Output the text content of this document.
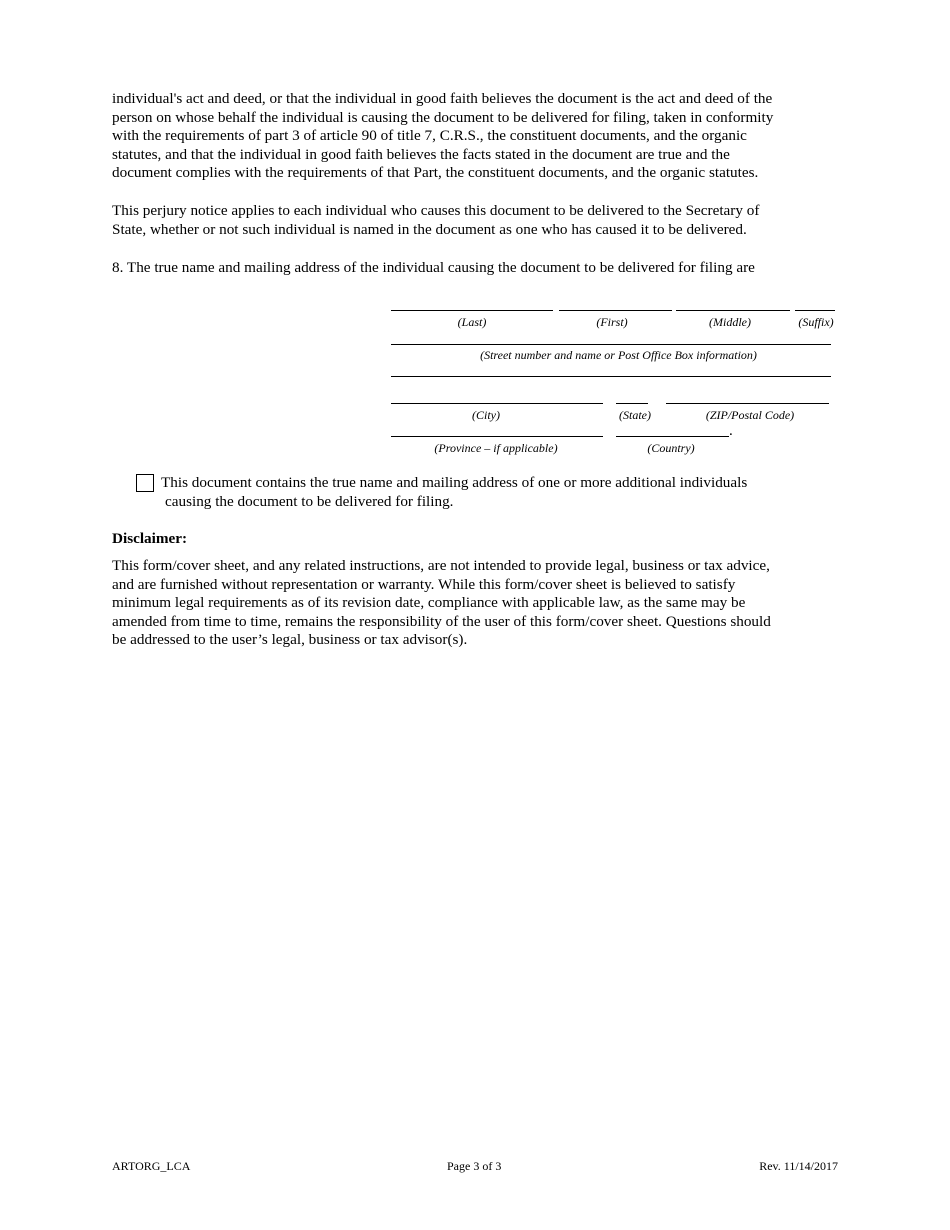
individual's act and deed, or that the individual in good faith believes the document is the act and deed of the
person on whose behalf the individual is causing the document to be delivered for filing, taken in conformity
with the requirements of part 3 of article 90 of title 7, C.R.S., the constituent documents, and the organic
statutes, and that the individual in good faith believes the facts stated in the document are true and the
document complies with the requirements of that Part, the constituent documents, and the organic statutes.
This perjury notice applies to each individual who causes this document to be delivered to the Secretary of
State, whether or not such individual is named in the document as one who has caused it to be delivered.
8. The true name and mailing address of the individual causing the document to be delivered for filing are
(Last)	(First)	(Middle)	(Suffix)
(Street number and name or Post Office Box information)
(City)	(State)	(ZIP/Postal Code)
.
(Province – if applicable)	(Country)
This document contains the true name and mailing address of one or more additional individuals
causing the document to be delivered for filing.
Disclaimer:
This form/cover sheet, and any related instructions, are not intended to provide legal, business or tax advice,
and are furnished without representation or warranty. While this form/cover sheet is believed to satisfy
minimum legal requirements as of its revision date, compliance with applicable law, as the same may be
amended from time to time, remains the responsibility of the user of this form/cover sheet. Questions should
be addressed to the user’s legal, business or tax advisor(s).
ARTORG_LCA	Page 3 of 3	Rev. 11/14/2017
